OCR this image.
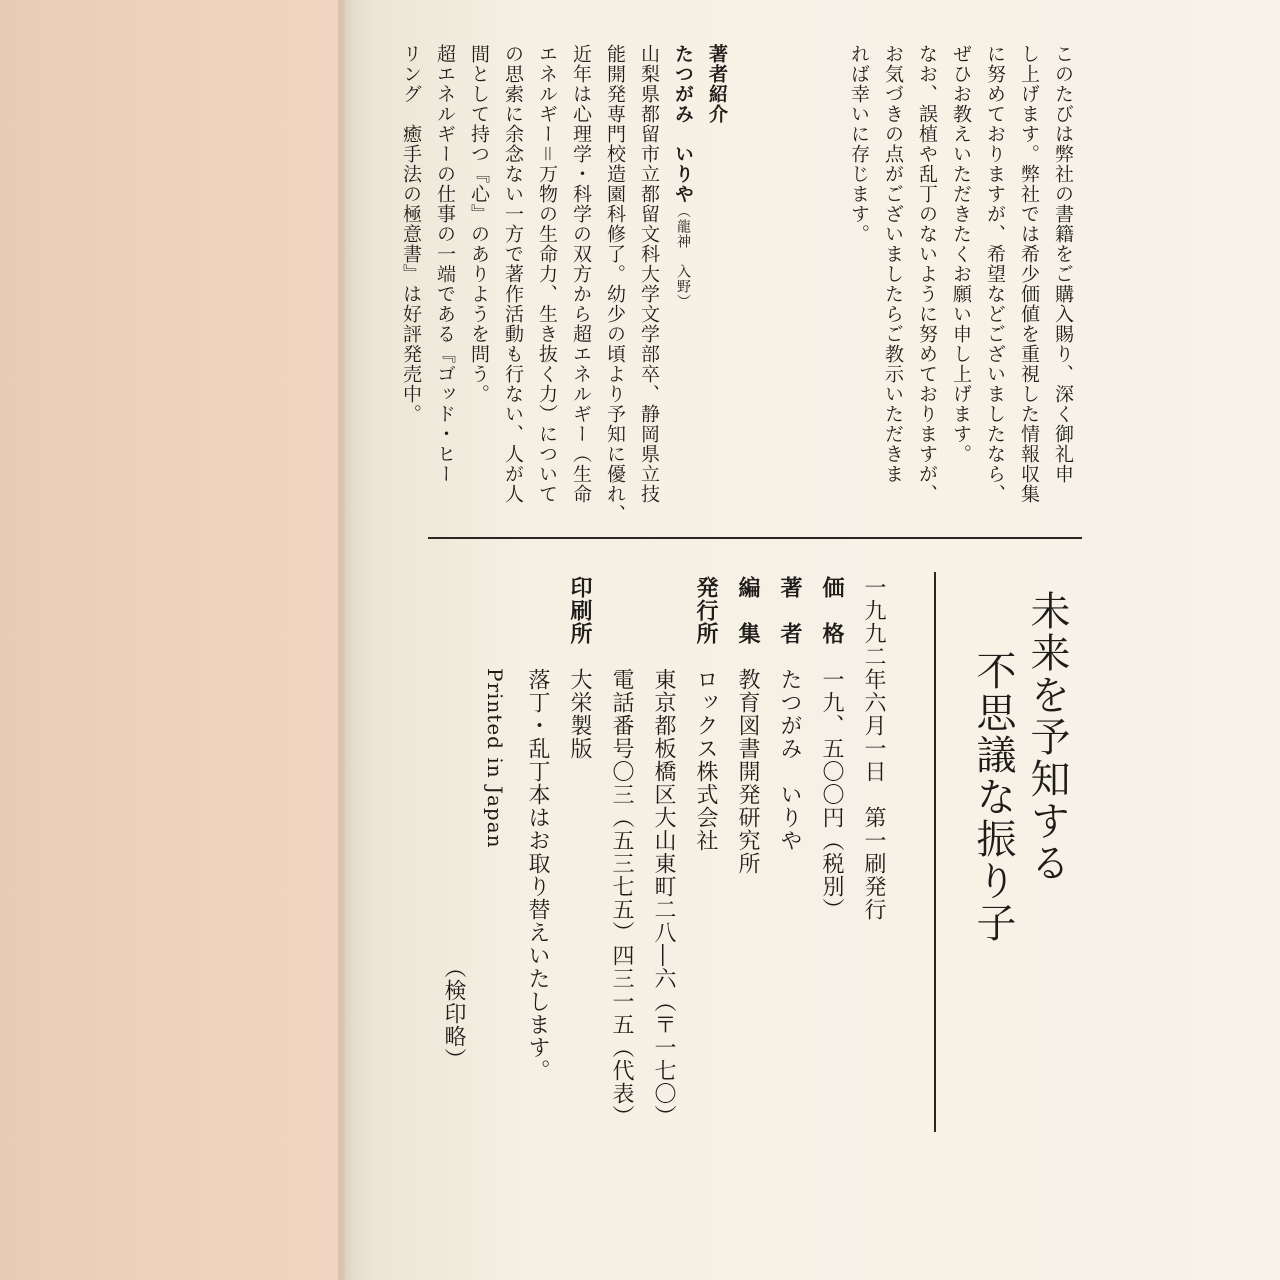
このたびは弊社の書籍をご購入賜り、深く御礼申
し上げます。弊社では希少価値を重視した情報収集
に努めておりますが、希望などございましたなら、
ぜひお教えいただきたくお願い申し上げます。
なお、誤植や乱丁のないように努めておりますが、
お気づきの点がございましたらご教示いただきま
れば幸いに存じます。
著者紹介
たつがみ　いりや（龍神　入野）
山梨県都留市立都留文科大学文学部卒、静岡県立技
能開発専門校造園科修了。幼少の頃より予知に優れ、
近年は心理学・科学の双方から超エネルギー（生命
エネルギー＝万物の生命力、生き抜く力）について
の思索に余念ない一方で著作活動も行ない、人が人
間として持つ『心』のありようを問う。
超エネルギーの仕事の一端である『ゴッド・ヒー
リング　癒手法の極意書』は好評発売中。
未来を予知する
不思議な振り子
一九九二年六月一日　第一刷発行
価　格一九、五〇〇円（税別）
著　者たつがみ　いりや
編　集教育図書開発研究所
発行所ロックス株式会社
東京都板橋区大山東町二八―六（〒一七〇）
電話番号〇三（五三七五）四三一五（代表）
印刷所大栄製版
落丁・乱丁本はお取り替えいたします。
Printed in Japan
（検印略）
